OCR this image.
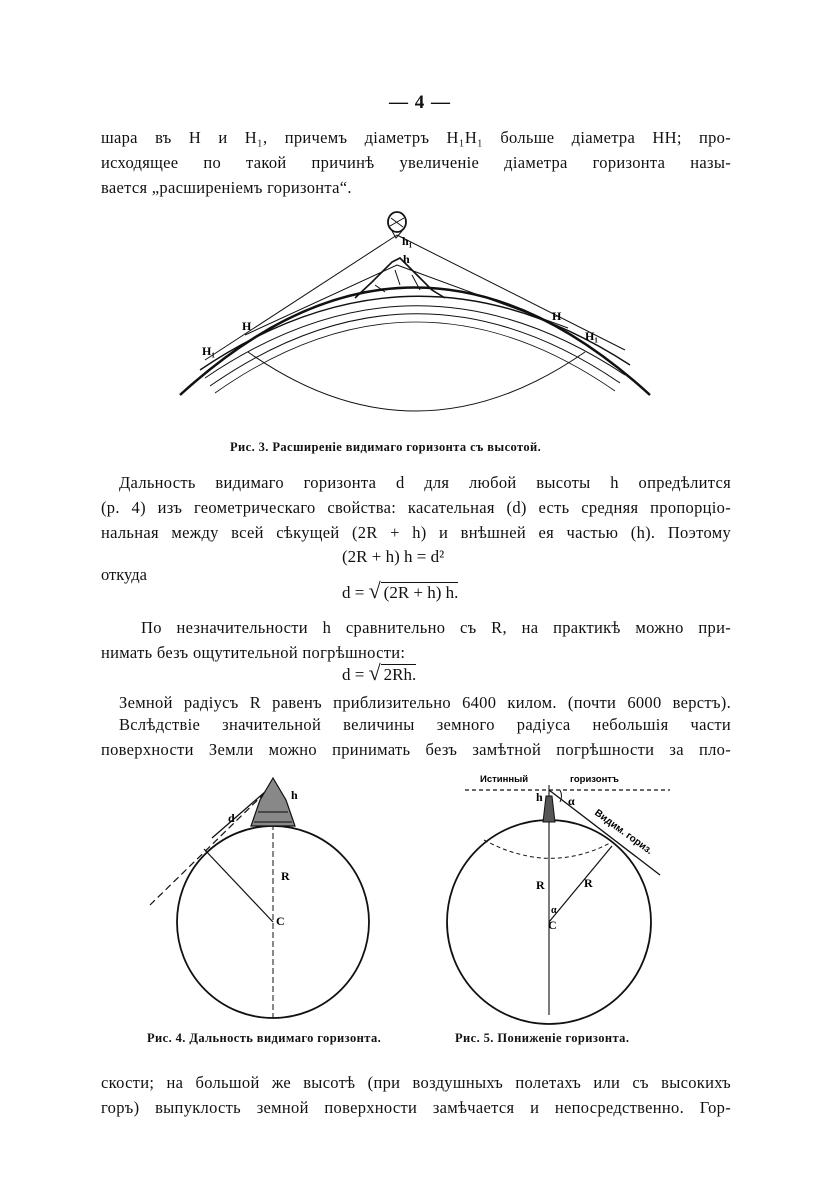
— 4 —
шара въ H и H₁, причемъ діаметръ H₁H₁ больше діаметра HH; про-
исходящее по такой причинѣ увеличеніе діаметра горизонта назы-
вается „расширеніемъ горизонта“.
h₁
h
H
H₁
H
H₁
Рис. 3. Расширеніе видимаго горизонта съ высотой.
Дальность видимаго горизонта d для любой высоты h опредѣлится
(p. 4) изъ геометрическаго свойства: касательная (d) есть средняя пропорціо-
нальная между всей сѣкущей (2R + h) и внѣшней ея частью (h). Поэтому
(2R + h) h = d²
откуда
d = √ (2R + h) h.
По незначительности h сравнительно съ R, на практикѣ можно при-
нимать безъ ощутительной погрѣшности:
d = √ 2Rh.
Земной радіусъ R равенъ приблизительно 6400 килом. (почти 6000 верстъ).
Вслѣдствіе значительной величины земного радіуса небольшія части
поверхности Земли можно принимать безъ замѣтной погрѣшности за пло-
d
h
R
C
Истинный	горизонтъ
h α
Видим. гориз.
R	R
α
C
Рис. 4. Дальность видимаго горизонта.	Рис. 5. Пониженіе горизонта.
скости; на большой же высотѣ (при воздушныхъ полетахъ или съ высокихъ
горъ) выпуклость земной поверхности замѣчается и непосредственно. Гор-
